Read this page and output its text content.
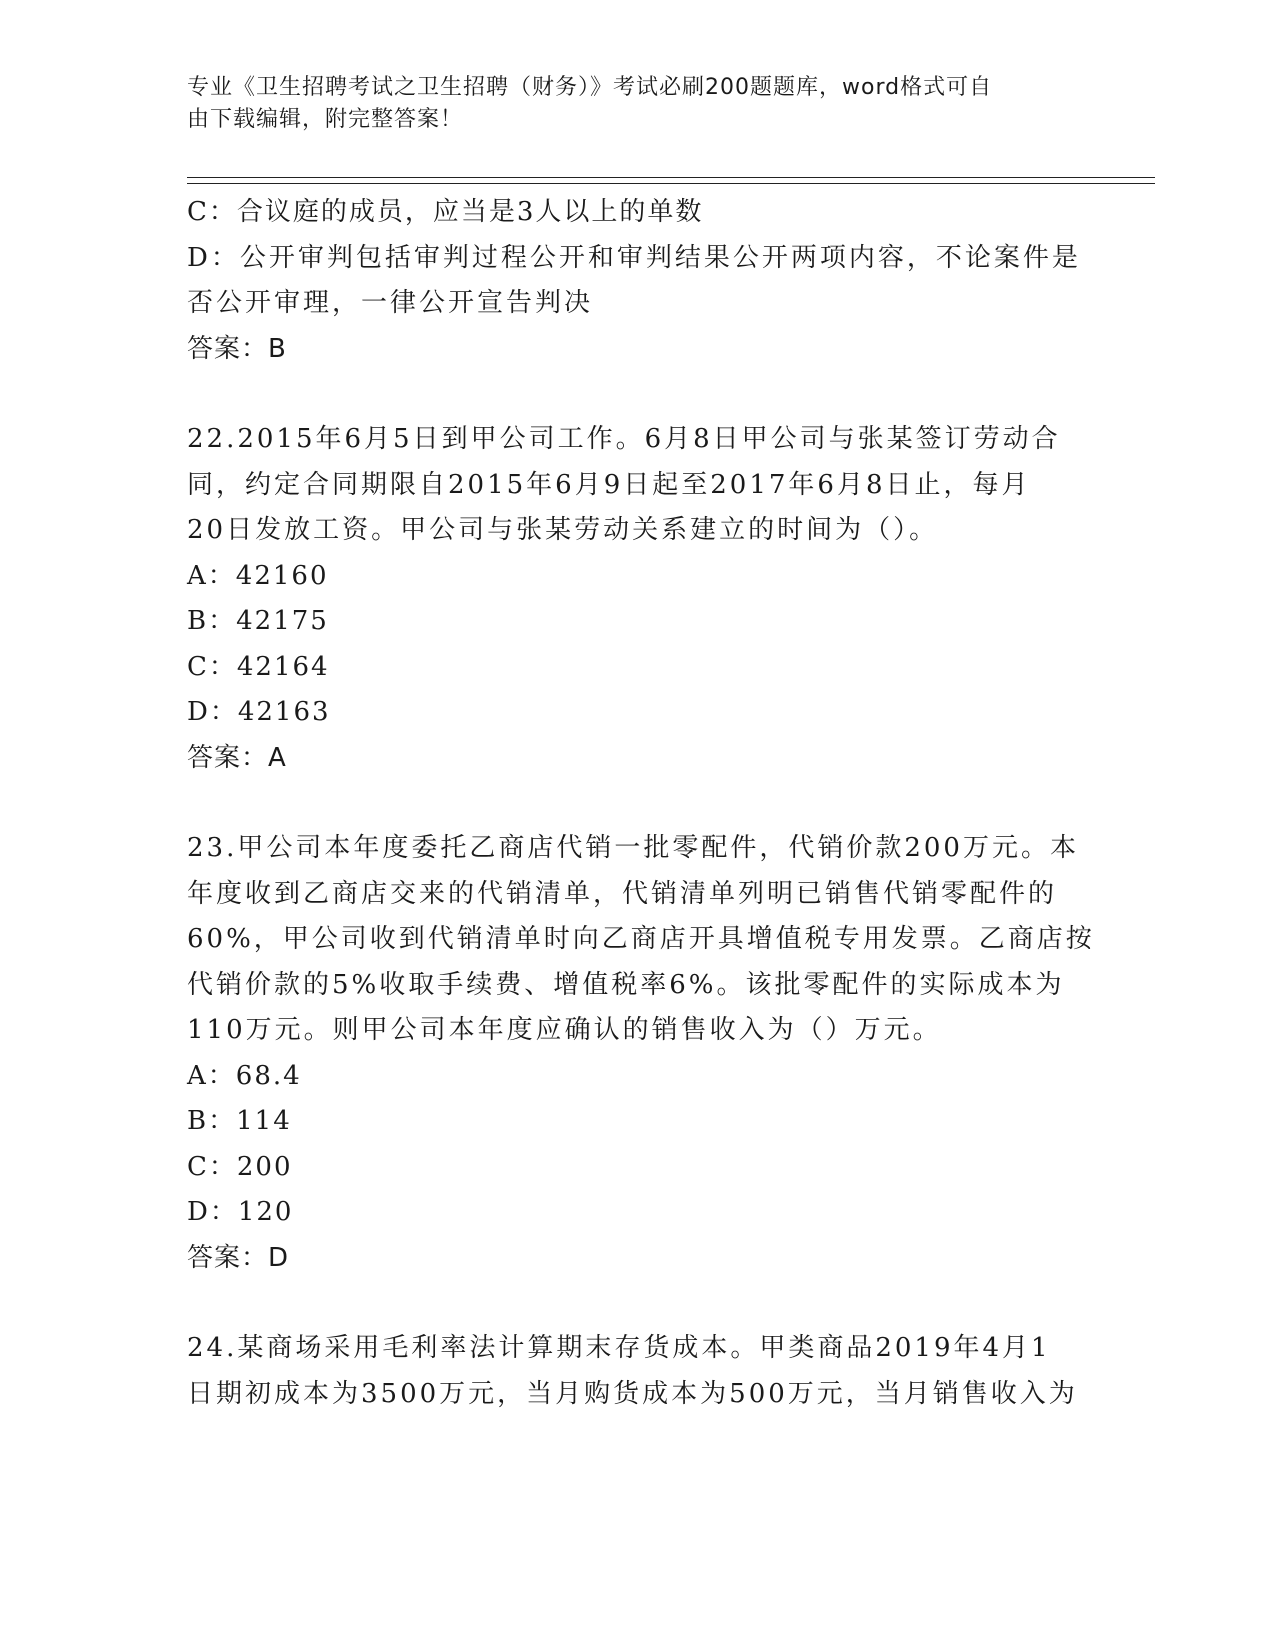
专业《卫生招聘考试之卫生招聘（财务）》考试必刷200题题库，word格式可自
由下载编辑，附完整答案！
C：合议庭的成员，应当是3人以上的单数
D：公开审判包括审判过程公开和审判结果公开两项内容，不论案件是
否公开审理，一律公开宣告判决
答案：B
22.2015年6月5日到甲公司工作。6月8日甲公司与张某签订劳动合
同，约定合同期限自2015年6月9日起至2017年6月8日止，每月
20日发放工资。甲公司与张某劳动关系建立的时间为（）。
A：42160
B：42175
C：42164
D：42163
答案：A
23.甲公司本年度委托乙商店代销一批零配件，代销价款200万元。本
年度收到乙商店交来的代销清单，代销清单列明已销售代销零配件的
60%，甲公司收到代销清单时向乙商店开具增值税专用发票。乙商店按
代销价款的5%收取手续费、增值税率6%。该批零配件的实际成本为
110万元。则甲公司本年度应确认的销售收入为（）万元。
A：68.4
B：114
C：200
D：120
答案：D
24.某商场采用毛利率法计算期末存货成本。甲类商品2019年4月1
日期初成本为3500万元，当月购货成本为500万元，当月销售收入为
